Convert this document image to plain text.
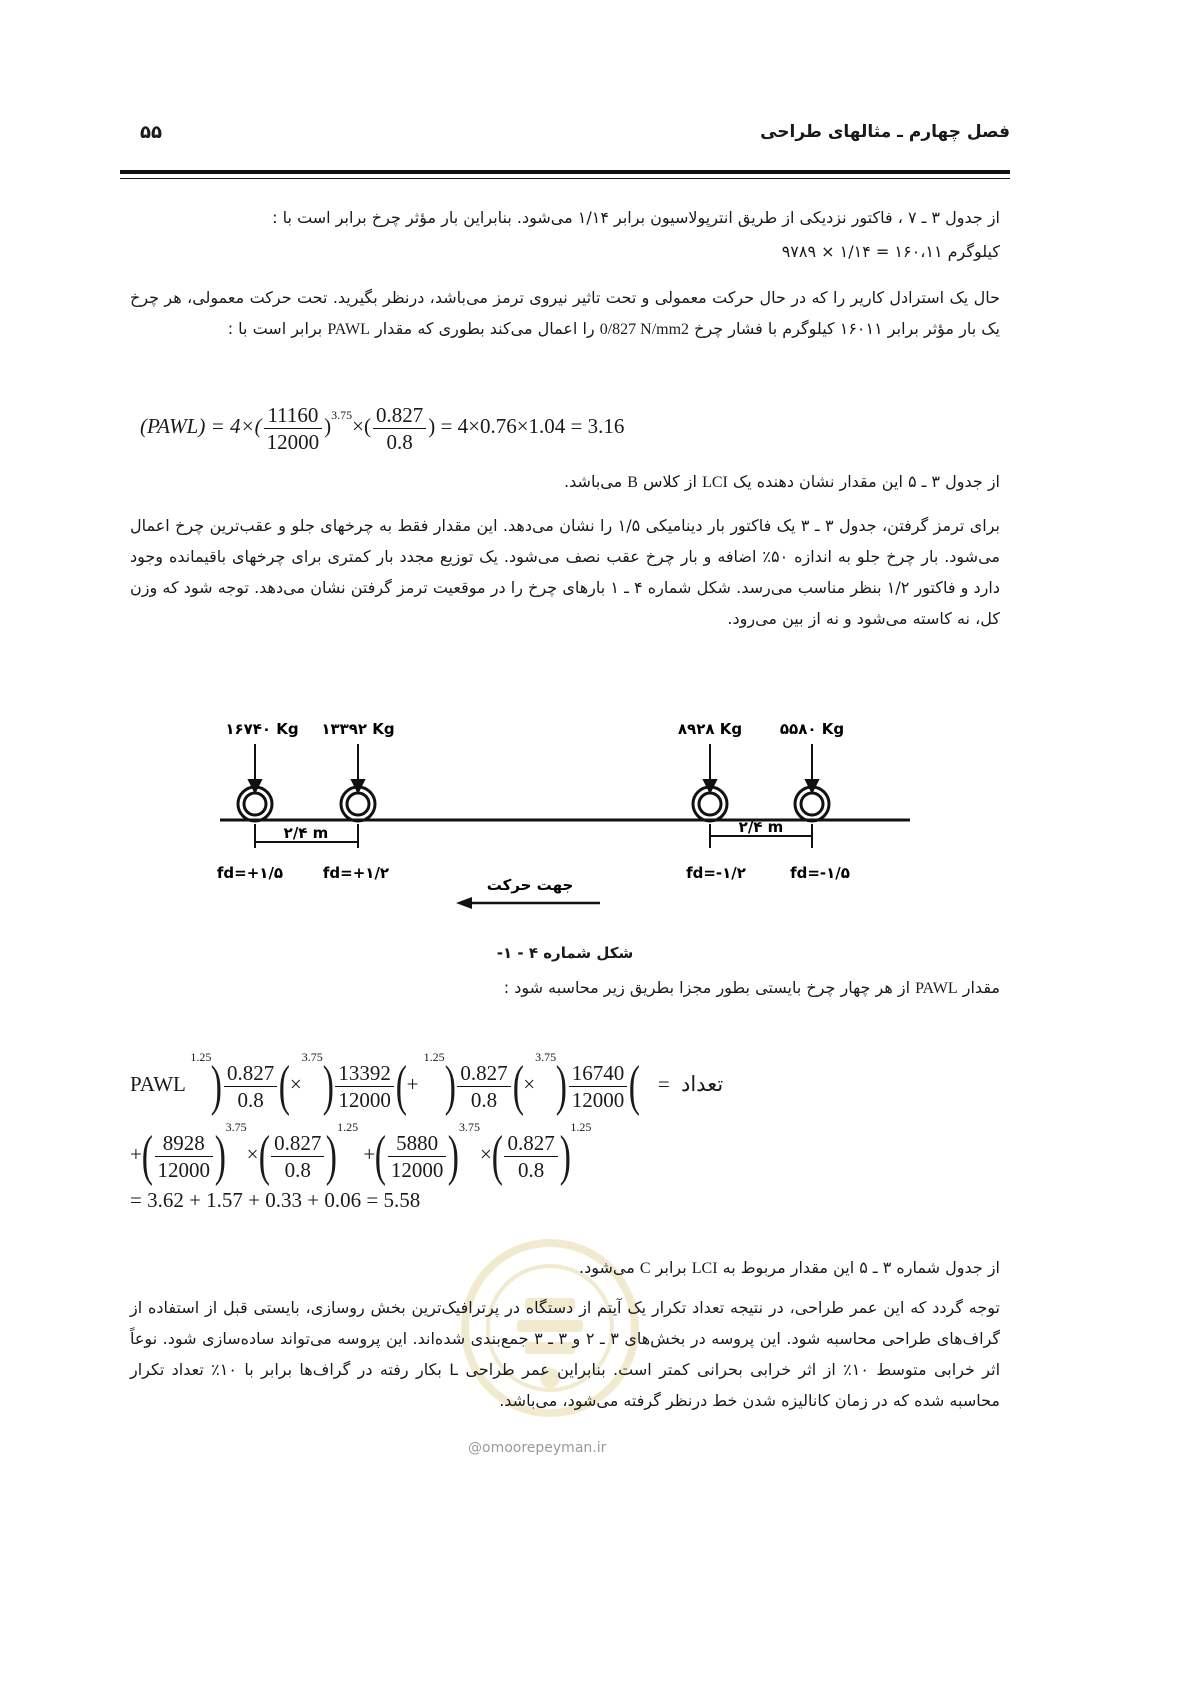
فصل چهارم ـ مثالهای طراحی
۵۵

از جدول ۳ ـ ۷ ، فاکتور نزدیکی از طریق انترپولاسیون برابر ۱/۱۴ می‌شود. بنابراین بار مؤثر چرخ برابر است با :

کیلوگرم ۱۶۰،۱۱ = ۱/۱۴ × ۹۷۸۹

حال یک استرادل کاریر را که در حال حرکت معمولی و تحت تاثیر نیروی ترمز می‌باشد، درنظر بگیرید. تحت حرکت معمولی، هر چرخ یک بار مؤثر برابر ۱۶۰۱۱ کیلوگرم با فشار چرخ 0/827 N/mm2 را اعمال می‌کند بطوری که مقدار PAWL برابر است با :

(PAWL) = $4\times( \frac{11160}{12000} )^{3.75}\times( \frac{0.827}{0.8}$ ) = 4×0.76×1.04 = 3.16

از جدول ۳ ـ ۵ این مقدار نشان دهنده یک LCI از کلاس B می‌باشد.

برای ترمز گرفتن، جدول ۳ ـ ۳ یک فاکتور بار دینامیکی ۱/۵ را نشان می‌دهد. این مقدار فقط به چرخهای جلو و عقب‌ترین چرخ اعمال می‌شود. بار چرخ جلو به اندازه ۵۰٪ اضافه و بار چرخ عقب نصف می‌شود. یک توزیع مجدد بار کمتری برای چرخهای باقیمانده وجود دارد و فاکتور ۱/۲ بنظر مناسب می‌رسد. شکل شماره ۴ ـ ۱ بارهای چرخ را در موقعیت ترمز گرفتن نشان می‌دهد. توجه شود که وزن کل، نه کاسته می‌شود و نه از بین می‌رود.

۱۶۷۴۰ Kg ۱۳۳۹۲ Kg	۸۹۲۸ Kg	۵۵۸۰ Kg
۲/۴ m	۲/۴ m
fd=+۱/۵	fd=+۱/۲	fd=-۱/۲	fd=-۱/۵
جهت حرکت
شکل شماره ۴ - ۱-

مقدار PAWL از هر چهار چرخ بایستی بطور مجزا بطریق زیر محاسبه شود :

PAWL تعداد =(
$\frac{16740}{12000}$
)$^{3.75}$×(
$\frac{0.827}{0.8}$
)$^{1.25}$ +(
$\frac{13392}{12000}$
)$^{3.75}$×(
$\frac{0.827}{0.8}$
)$^{1.25}$
+( $\frac{8928}{12000} )^{3.75}\times( \frac{0.827}{0.8} )^{1.25}$ +( $\frac{5880}{12000} )^{3.75}\times( \frac{0.827}{0.8} )^{1.25}$
= 3.62 + 1.57 + 0.33 + 0.06 = 5.58

از جدول شماره ۳ ـ ۵ این مقدار مربوط به LCI برابر C می‌شود.

توجه گردد که این عمر طراحی، در نتیجه تعداد تکرار یک آیتم از دستگاه در پرترافیک‌ترین بخش روسازی، بایستی قبل از استفاده از گراف‌های طراحی محاسبه شود. این پروسه در بخش‌های ۳ ـ ۲ و ۳ ـ ۳ جمع‌بندی شده‌اند. این پروسه می‌تواند ساده‌سازی شود. نوعاً اثر خرابی متوسط ۱۰٪ از اثر خرابی بحرانی کمتر است. بنابراین عمر طراحی L بکار رفته در گراف‌ها برابر با ۱۰٪ تعداد تکرار محاسبه شده که در زمان کانالیزه شدن خط درنظر گرفته می‌شود، می‌باشد.

@omoorepeyman.ir
